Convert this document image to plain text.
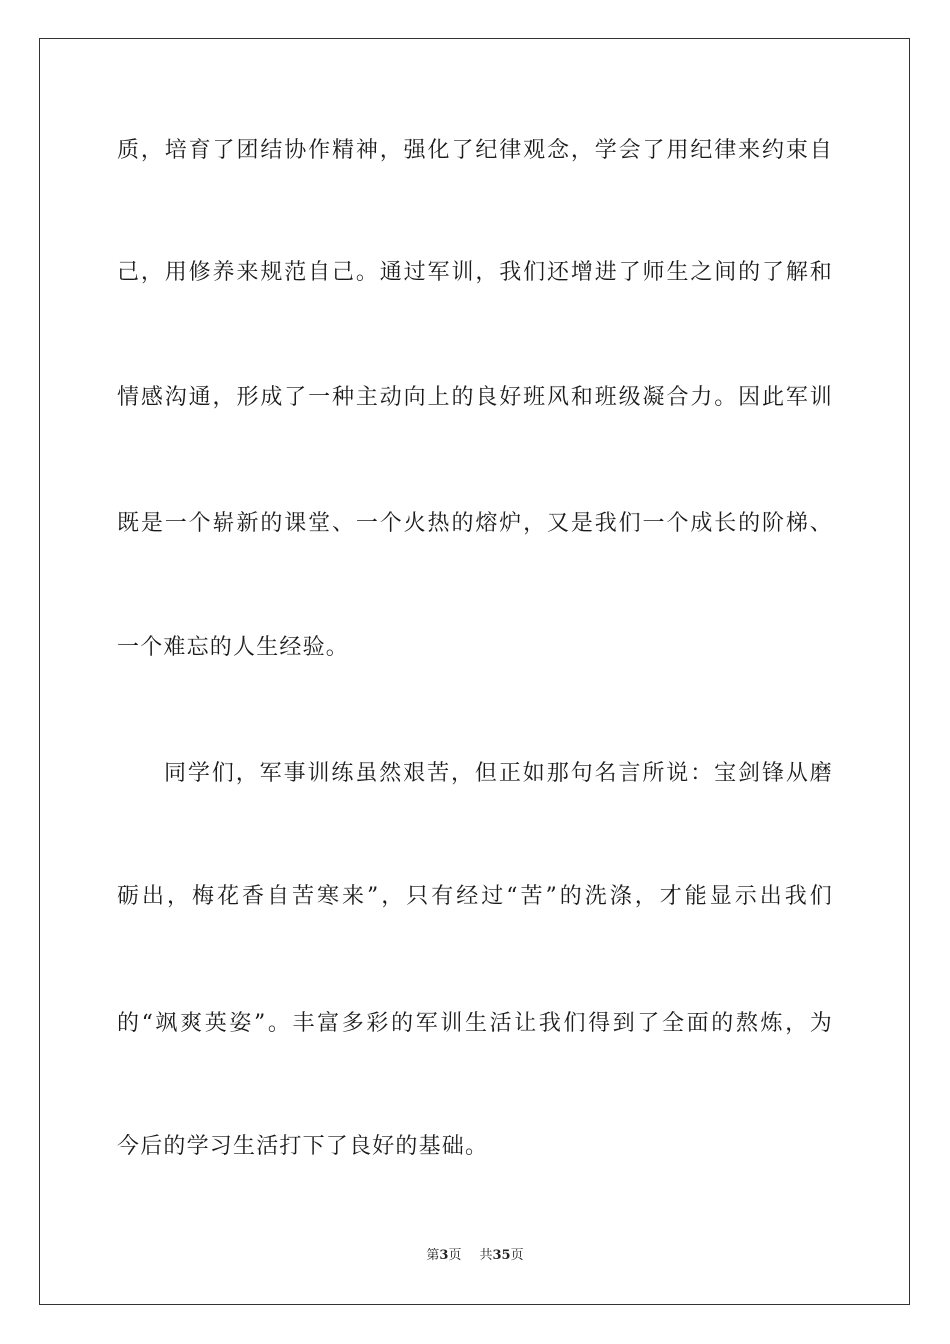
质，培育了团结协作精神，强化了纪律观念，学会了用纪律来约束自
己，用修养来规范自己。通过军训，我们还增进了师生之间的了解和
情感沟通，形成了一种主动向上的良好班风和班级凝合力。因此军训
既是一个崭新的课堂、一个火热的熔炉，又是我们一个成长的阶梯、
一个难忘的人生经验。
同学们，军事训练虽然艰苦，但正如那句名言所说：宝剑锋从磨
砺出，梅花香自苦寒来”，只有经过“苦”的洗涤，才能显示出我们
的“飒爽英姿”。丰富多彩的军训生活让我们得到了全面的熬炼，为
今后的学习生活打下了良好的基础。
第3页 共35页
